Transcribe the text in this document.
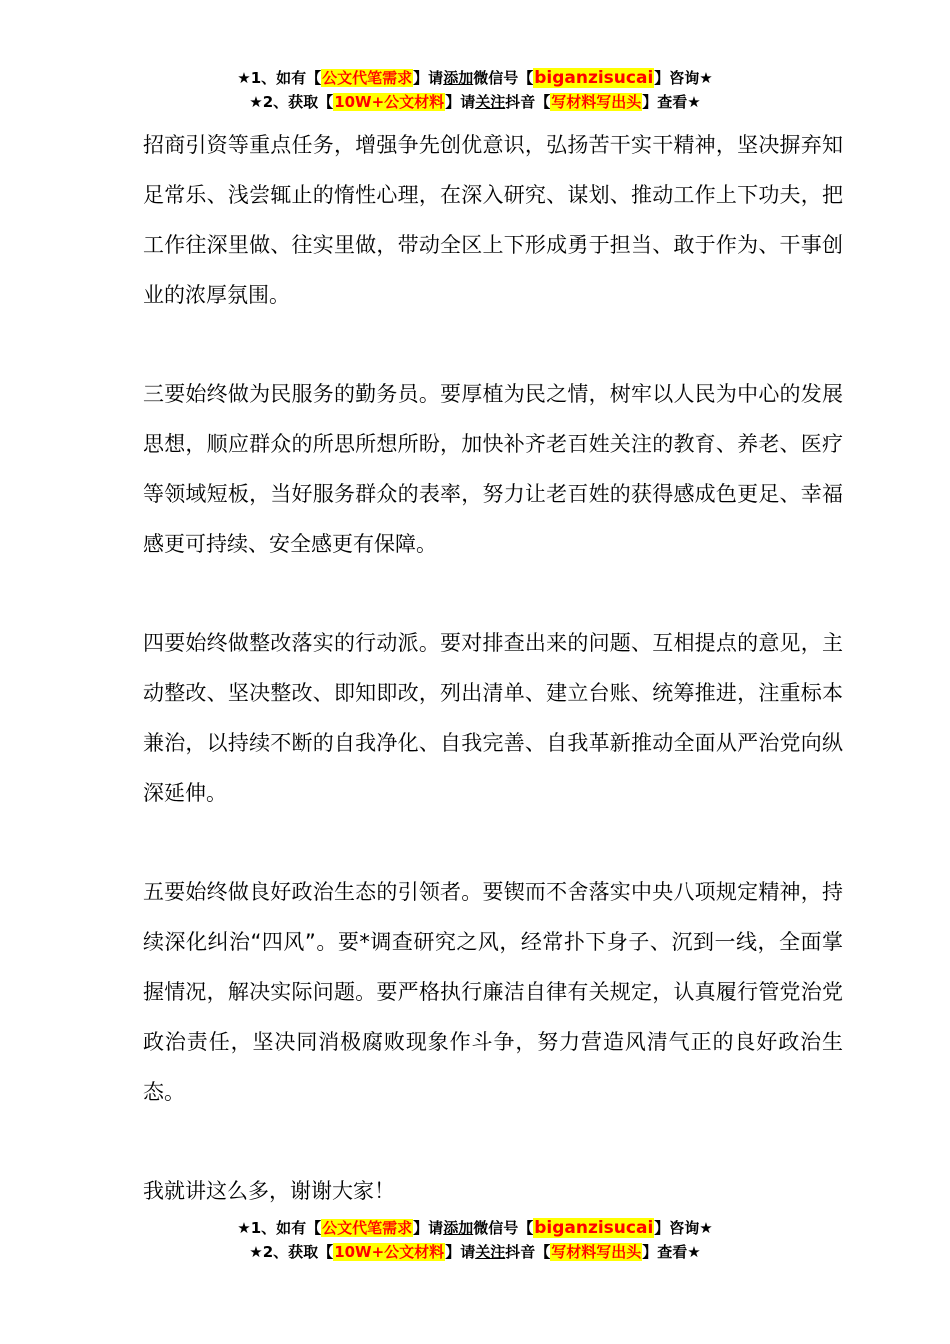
★1、如有【公文代笔需求】请添加微信号【biganzisucai】咨询★
★2、获取【10W+公文材料】请关注抖音【写材料写出头】查看★

招商引资等重点任务，增强争先创优意识，弘扬苦干实干精神，坚决摒弃知足常乐、浅尝辄止的惰性心理，在深入研究、谋划、推动工作上下功夫，把工作往深里做、往实里做，带动全区上下形成勇于担当、敢于作为、干事创业的浓厚氛围。

三要始终做为民服务的勤务员。要厚植为民之情，树牢以人民为中心的发展思想，顺应群众的所思所想所盼，加快补齐老百姓关注的教育、养老、医疗等领域短板，当好服务群众的表率，努力让老百姓的获得感成色更足、幸福感更可持续、安全感更有保障。

四要始终做整改落实的行动派。要对排查出来的问题、互相提点的意见，主动整改、坚决整改、即知即改，列出清单、建立台账、统筹推进，注重标本兼治，以持续不断的自我净化、自我完善、自我革新推动全面从严治党向纵深延伸。

五要始终做良好政治生态的引领者。要锲而不舍落实中央八项规定精神，持续深化纠治“四风”。要*调查研究之风，经常扑下身子、沉到一线，全面掌握情况，解决实际问题。要严格执行廉洁自律有关规定，认真履行管党治党政治责任，坚决同消极腐败现象作斗争，努力营造风清气正的良好政治生态。

我就讲这么多，谢谢大家！

★1、如有【公文代笔需求】请添加微信号【biganzisucai】咨询★
★2、获取【10W+公文材料】请关注抖音【写材料写出头】查看★
